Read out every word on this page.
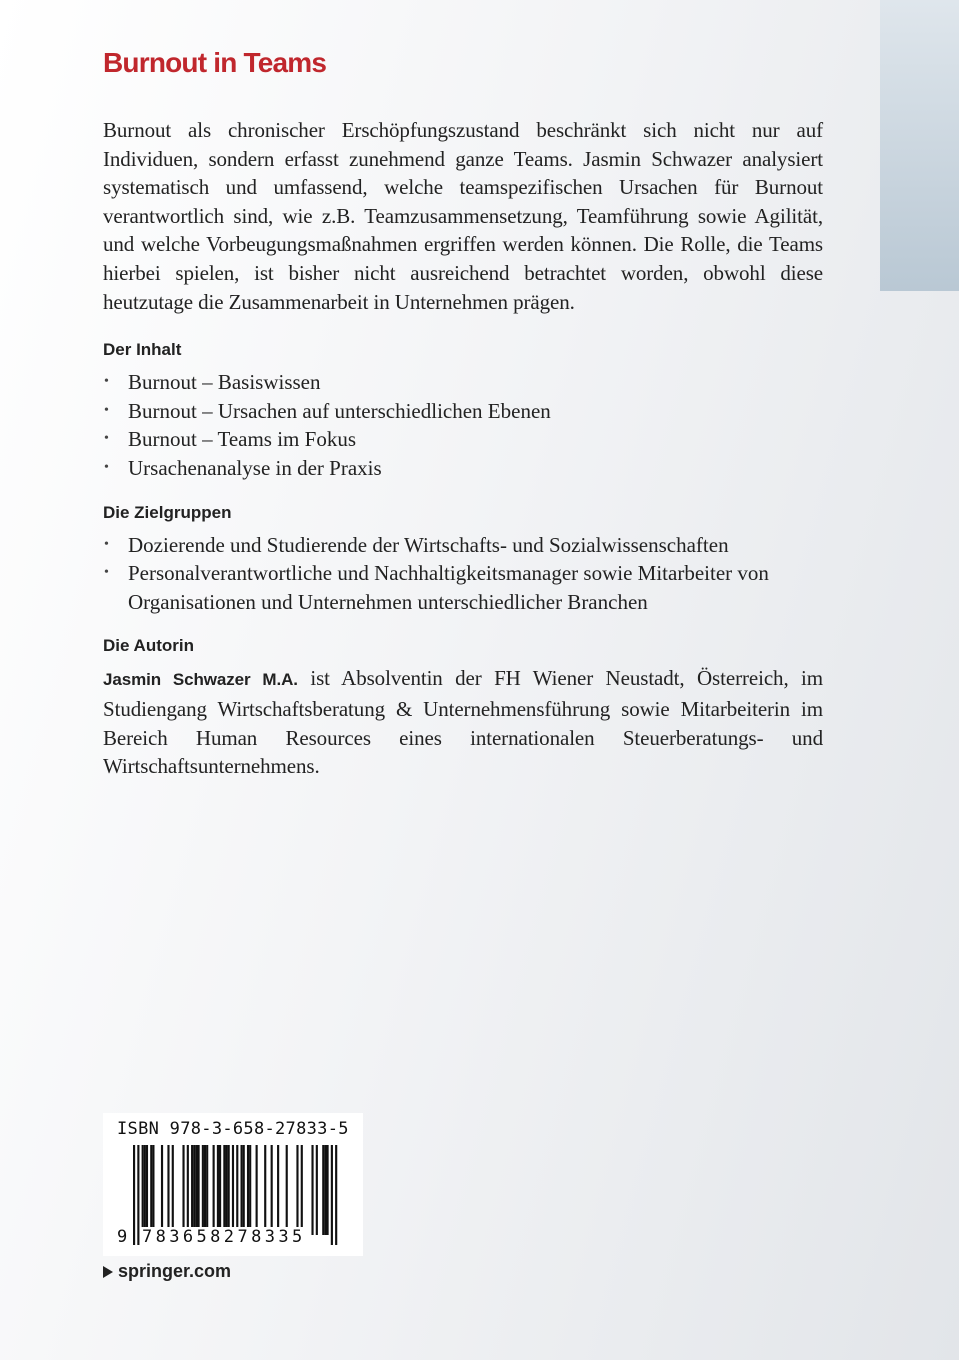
Burnout in Teams

Burnout als chronischer Erschöpfungszustand beschränkt sich nicht nur auf Individuen, sondern erfasst zunehmend ganze Teams. Jasmin Schwazer analysiert systematisch und umfassend, welche teamspezifischen Ursachen für Burnout verantwortlich sind, wie z.B. Teamzusammensetzung, Teamführung sowie Agilität, und welche Vorbeugungsmaßnahmen ergriffen werden können. Die Rolle, die Teams hierbei spielen, ist bisher nicht ausreichend betrachtet worden, obwohl diese heutzutage die Zusammenarbeit in Unternehmen prägen.

Der Inhalt
• Burnout – Basiswissen
• Burnout – Ursachen auf unterschiedlichen Ebenen
• Burnout – Teams im Fokus
• Ursachenanalyse in der Praxis
Die Zielgruppen
• Dozierende und Studierende der Wirtschafts- und Sozialwissenschaften
• Personalverantwortliche und Nachhaltigkeitsmanager sowie Mitarbeiter von Organisationen und Unternehmen unterschiedlicher Branchen
Die Autorin

Jasmin Schwazer M.A. ist Absolventin der FH Wiener Neustadt, Österreich, im Studiengang Wirtschaftsberatung & Unternehmensführung sowie Mitarbeiterin im Bereich Human Resources eines internationalen Steuerberatungs- und Wirtschaftsunternehmens.

ISBN 978-3-658-27833-5
9 783658278335
springer.com
